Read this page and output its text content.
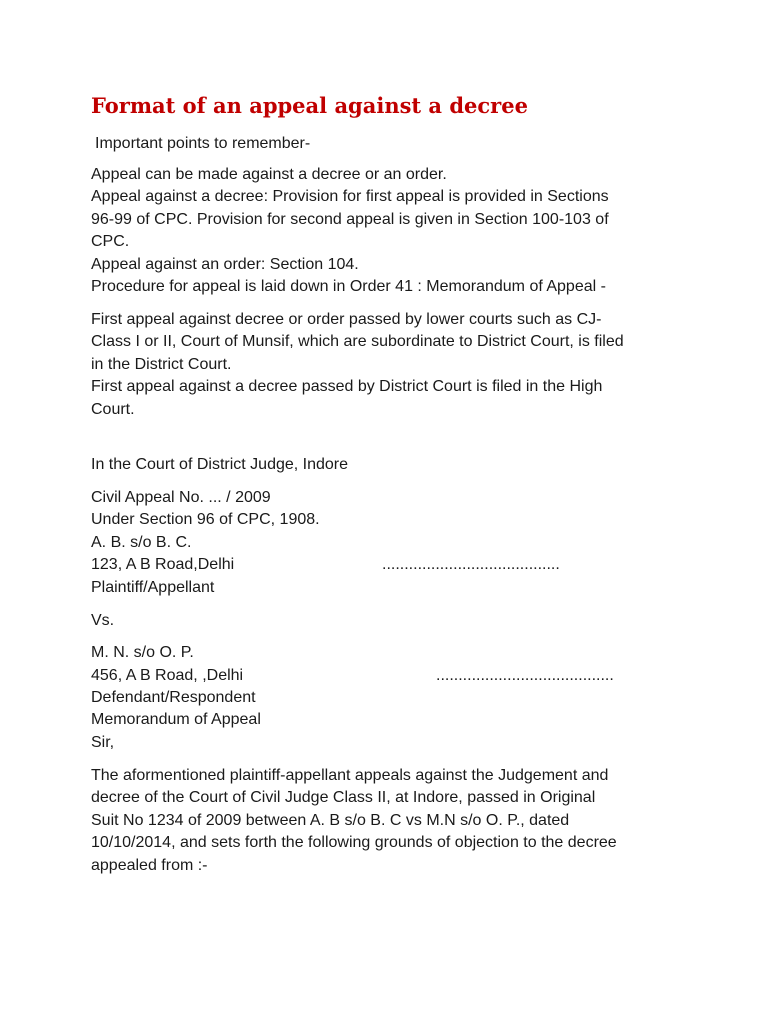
Format of an appeal against a decree
Important points to remember-
Appeal can be made against a decree or an order.
Appeal against a decree: Provision for first appeal is provided in Sections
96-99 of CPC. Provision for second appeal is given in Section 100-103 of
CPC.
Appeal against an order: Section 104.
Procedure for appeal is laid down in Order 41 : Memorandum of Appeal -
First appeal against decree or order passed by lower courts such as CJ-
Class I or II, Court of Munsif, which are subordinate to District Court, is filed
in the District Court.
First appeal against a decree passed by District Court is filed in the High
Court.
In the Court of District Judge, Indore
Civil Appeal No. ... / 2009
Under Section 96 of CPC, 1908.
A. B. s/o B. C.
123, A B Road,Delhi	........................................
Plaintiff/Appellant
Vs.
M. N. s/o O. P.
456, A B Road, ,Delhi	........................................
Defendant/Respondent
Memorandum of Appeal
Sir,
The aformentioned plaintiff-appellant appeals against the Judgement and
decree of the Court of Civil Judge Class II, at Indore, passed in Original
Suit No 1234 of 2009 between A. B s/o B. C vs M.N s/o O. P., dated
10/10/2014, and sets forth the following grounds of objection to the decree
appealed from :-
